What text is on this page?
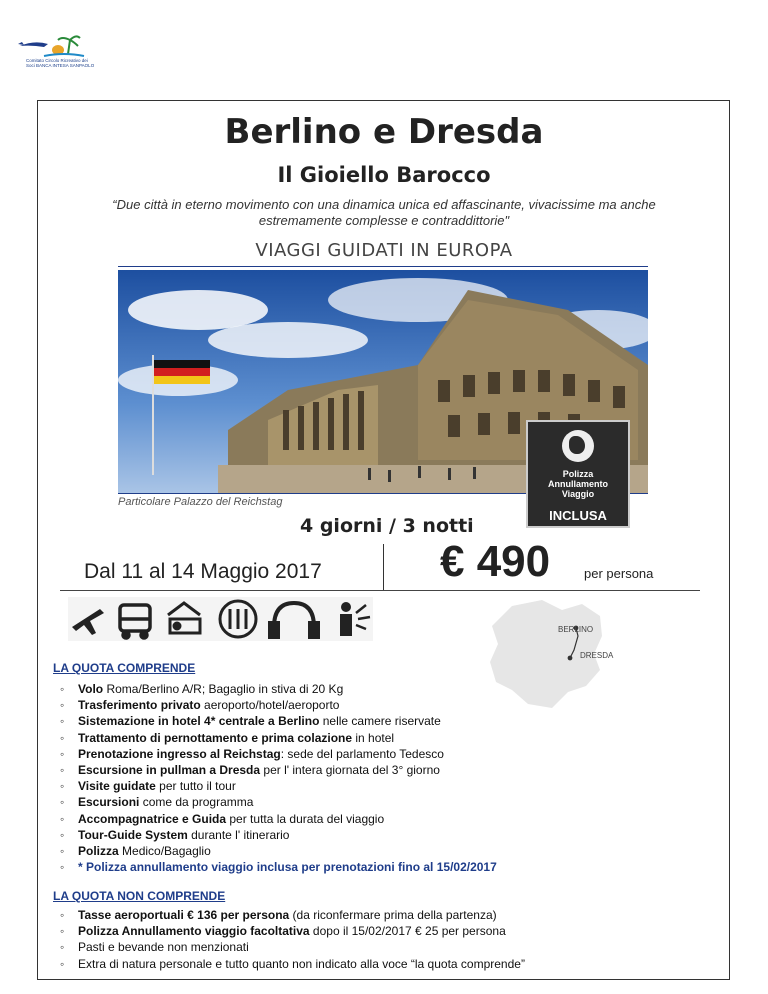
Comitato Circolo Ricreativo dei
Soci BANCA INTESA SANPAOLO
Berlino e Dresda
Il Gioiello Barocco
“Due città in eterno movimento con una dinamica unica ed affascinante, vivacissime ma anche estremamente complesse e contraddittorie"
VIAGGI GUIDATI IN EUROPA
Particolare Palazzo del Reichstag
Polizza
Annullamento
Viaggio
INCLUSA
4 giorni / 3 notti
Dal 11 al 14 Maggio 2017	€ 490	per persona
BERLINO
DRESDA
LA QUOTA COMPRENDE
◦ Volo Roma/Berlino A/R; Bagaglio in stiva di 20 Kg
◦ Trasferimento privato aeroporto/hotel/aeroporto
◦ Sistemazione in hotel 4* centrale a Berlino nelle camere riservate
◦ Trattamento di pernottamento e prima colazione in hotel
◦ Prenotazione ingresso al Reichstag: sede del parlamento Tedesco
◦ Escursione in pullman a Dresda per l' intera giornata del 3° giorno
◦ Visite guidate per tutto il tour
◦ Escursioni come da programma
◦ Accompagnatrice e Guida per tutta la durata del viaggio
◦ Tour-Guide System durante l' itinerario
◦ Polizza Medico/Bagaglio
◦ * Polizza annullamento viaggio inclusa per prenotazioni fino al 15/02/2017
LA QUOTA NON COMPRENDE
◦ Tasse aeroportuali € 136 per persona (da riconfermare prima della partenza)
◦ Polizza Annullamento viaggio facoltativa dopo il 15/02/2017 € 25 per persona
◦ Pasti e bevande non menzionati
◦ Extra di natura personale e tutto quanto non indicato alla voce “la quota comprende”
